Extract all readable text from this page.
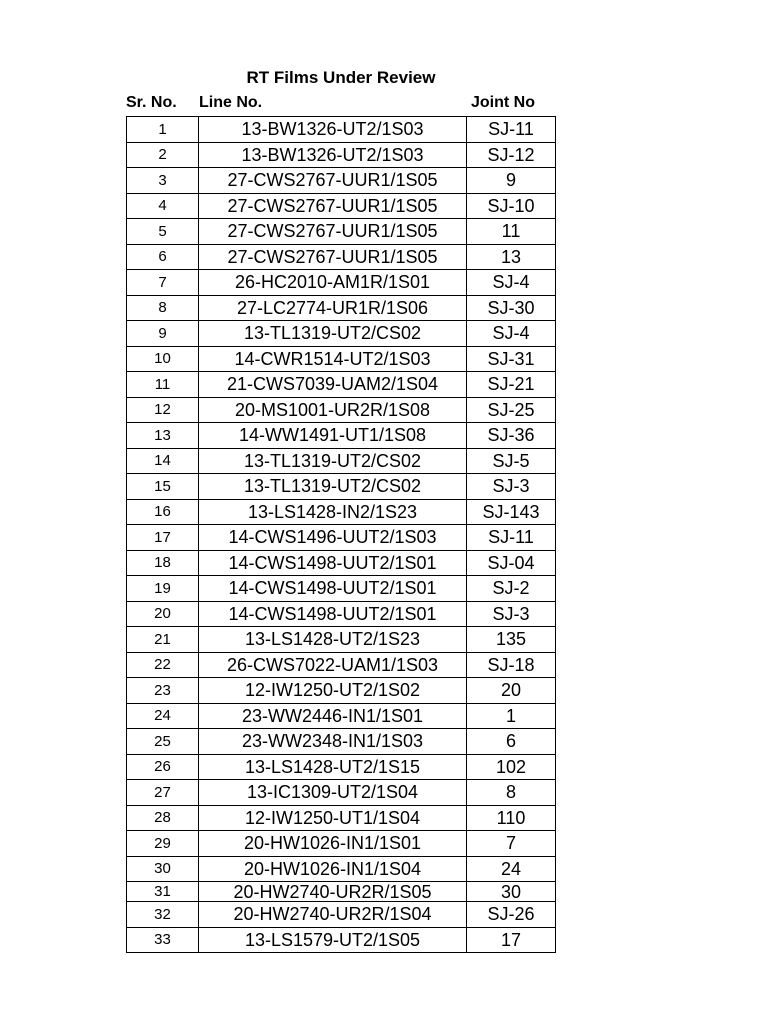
RT Films Under Review
Sr. No. Line No.	Joint No
1	13-BW1326-UT2/1S03	SJ-11
2	13-BW1326-UT2/1S03	SJ-12
3	27-CWS2767-UUR1/1S05	9
4	27-CWS2767-UUR1/1S05	SJ-10
5	27-CWS2767-UUR1/1S05	11
6	27-CWS2767-UUR1/1S05	13
7	26-HC2010-AM1R/1S01	SJ-4
8	27-LC2774-UR1R/1S06	SJ-30
9	13-TL1319-UT2/CS02	SJ-4
10	14-CWR1514-UT2/1S03	SJ-31
11	21-CWS7039-UAM2/1S04	SJ-21
12	20-MS1001-UR2R/1S08	SJ-25
13	14-WW1491-UT1/1S08	SJ-36
14	13-TL1319-UT2/CS02	SJ-5
15	13-TL1319-UT2/CS02	SJ-3
16	13-LS1428-IN2/1S23	SJ-143
17	14-CWS1496-UUT2/1S03	SJ-11
18	14-CWS1498-UUT2/1S01	SJ-04
19	14-CWS1498-UUT2/1S01	SJ-2
20	14-CWS1498-UUT2/1S01	SJ-3
21	13-LS1428-UT2/1S23	135
22	26-CWS7022-UAM1/1S03	SJ-18
23	12-IW1250-UT2/1S02	20
24	23-WW2446-IN1/1S01	1
25	23-WW2348-IN1/1S03	6
26	13-LS1428-UT2/1S15	102
27	13-IC1309-UT2/1S04	8
28	12-IW1250-UT1/1S04	110
29	20-HW1026-IN1/1S01	7
30	20-HW1026-IN1/1S04	24
31	20-HW2740-UR2R/1S05	30
32	20-HW2740-UR2R/1S04	SJ-26
33	13-LS1579-UT2/1S05	17
